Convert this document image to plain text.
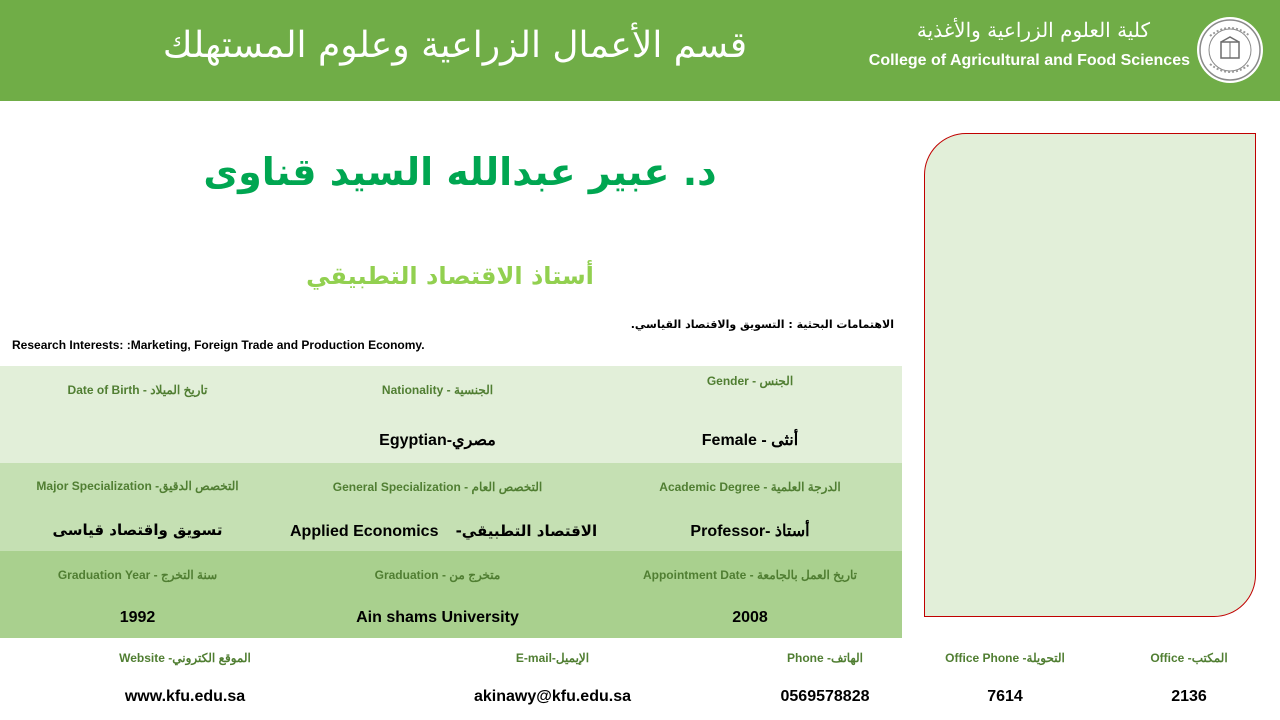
قسم الأعمال الزراعية وعلوم المستهلك	كلية العلوم الزراعية والأغذية
College of Agricultural and Food Sciences
د. عبير عبدالله السيد قناوى
أستاذ الاقتصاد التطبيقي
الاهتمامات البحثية : التسويق والاقتصاد القياسي.
Research Interests: :Marketing, Foreign Trade and Production Economy.
Date of Birth - تاريخ الميلاد	Nationality - الجنسية
Egyptian-مصري
Gender - الجنس
Female - أنثى
Major Specialization -التخصص الدقيق
تسويق واقتصاد قياسى
General Specialization - التخصص العام
Applied Economics -الاقتصاد التطبيقي
Academic Degree - الدرجة العلمية
Professor- أستاذ
Graduation Year - سنة التخرج
1992
Graduation - متخرج من
Ain shams University
Appointment Date - تاريخ العمل بالجامعة
2008
Website -الموقع الكتروني
www.kfu.edu.sa
E-mail-الإيميل
akinawy@kfu.edu.sa
Phone -الهاتف
0569578828
Office Phone -التحويلة
7614
Office -المكتب
2136
